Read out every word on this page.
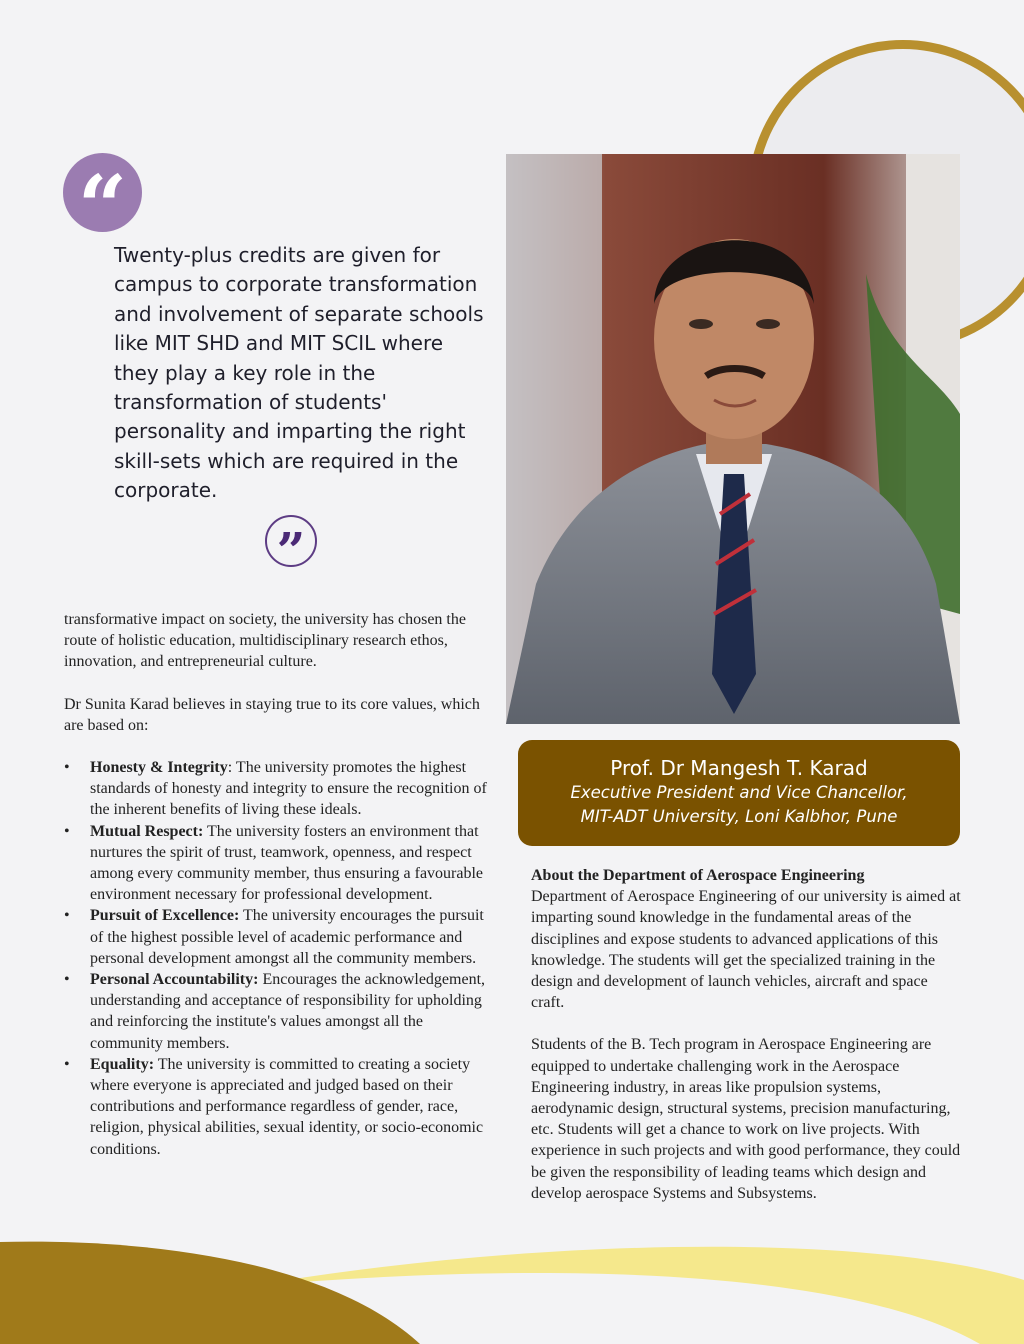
“

Twenty-plus credits are given for campus to corporate transformation and involvement of separate schools like MIT SHD and MIT SCIL where they play a key role in the transformation of students' personality and imparting the right skill-sets which are required in the corporate.

”
Prof. Dr Mangesh T. Karad
Executive President and Vice Chancellor,
MIT-ADT University, Loni Kalbhor, Pune

transformative impact on society, the university has chosen the route of holistic education, multidisciplinary research ethos, innovation, and entrepreneurial culture.

Dr Sunita Karad believes in staying true to its core values, which are based on:

• Honesty & Integrity: The university promotes the highest standards of honesty and integrity to ensure the recognition of the inherent benefits of living these ideals.
• Mutual Respect: The university fosters an environment that nurtures the spirit of trust, teamwork, openness, and respect among every community member, thus ensuring a favourable environment necessary for professional development.
• Pursuit of Excellence: The university encourages the pursuit of the highest possible level of academic performance and personal development amongst all the community members.
• Personal Accountability: Encourages the acknowledgement, understanding and acceptance of responsibility for upholding and reinforcing the institute's values amongst all the community members.
• Equality: The university is committed to creating a society where everyone is appreciated and judged based on their contributions and performance regardless of gender, race, religion, physical abilities, sexual identity, or socio-economic conditions.

About the Department of Aerospace Engineering
Department of Aerospace Engineering of our university is aimed at imparting sound knowledge in the fundamental areas of the disciplines and expose students to advanced applications of this knowledge. The students will get the specialized training in the design and development of launch vehicles, aircraft and space craft.

Students of the B. Tech program in Aerospace Engineering are equipped to undertake challenging work in the Aerospace Engineering industry, in areas like propulsion systems, aerodynamic design, structural systems, precision manufacturing, etc. Students will get a chance to work on live projects. With experience in such projects and with good performance, they could be given the responsibility of leading teams which design and develop aerospace Systems and Subsystems.
